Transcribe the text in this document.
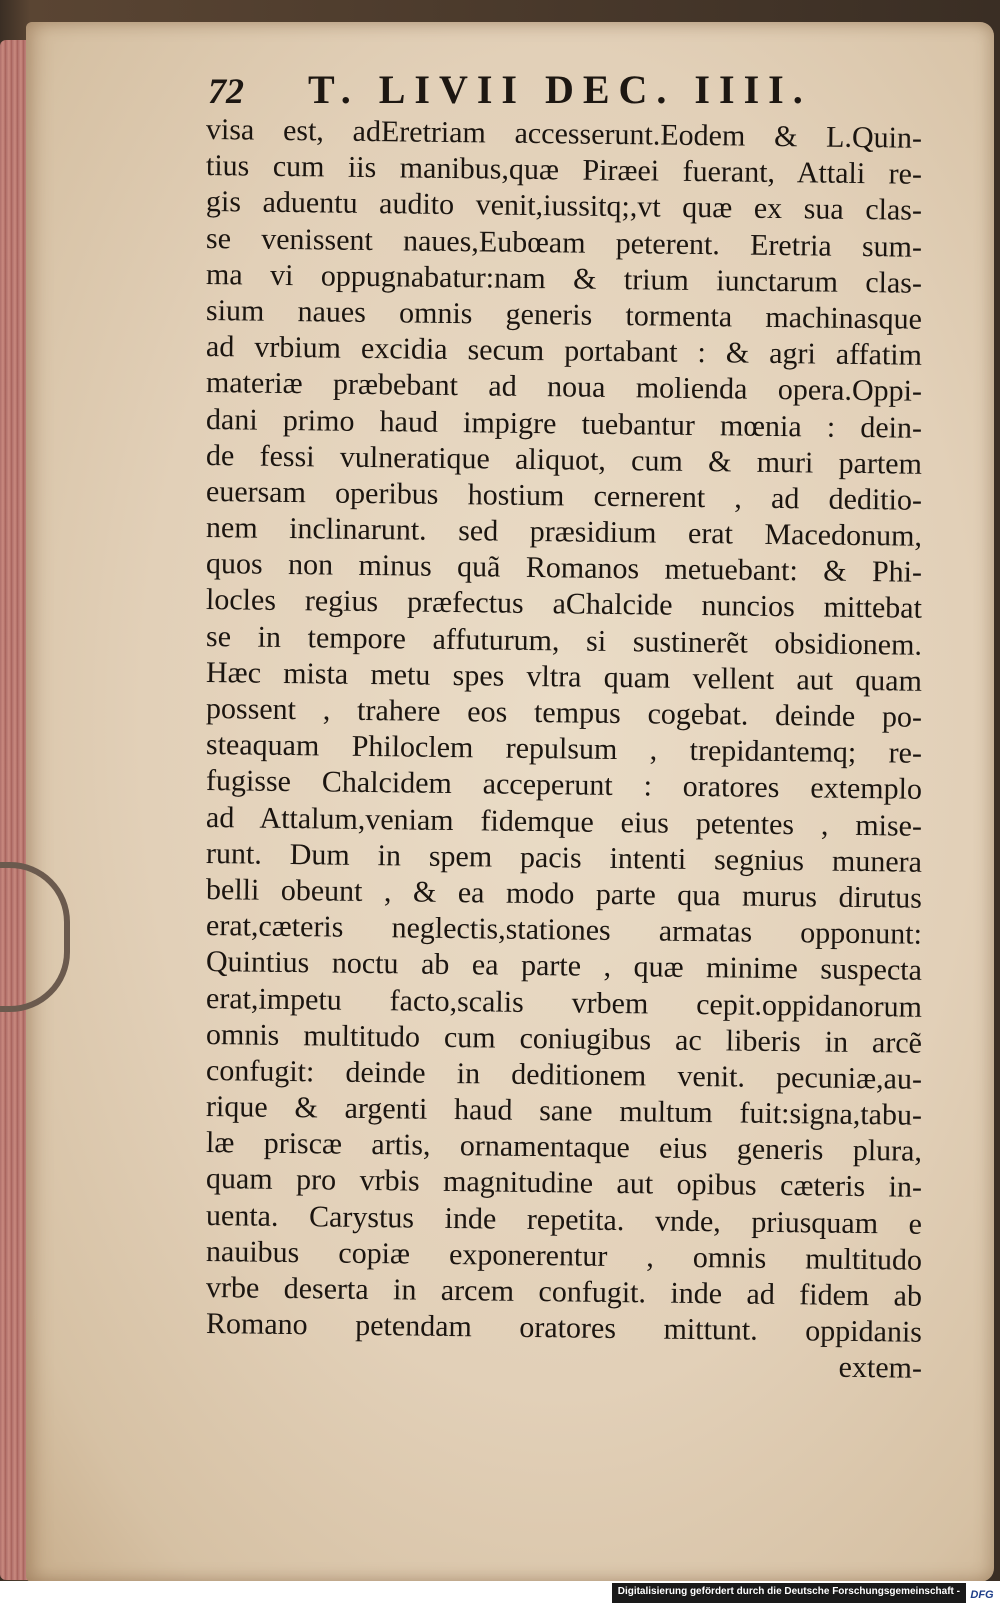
72 T. LIVII DEC. IIII.
visa est, adEretriam accesserunt.Eodem & L.Quin-
tius cum iis manibus,quæ Piræei fuerant, Attali re-
gis aduentu audito venit,iussitq;,vt quæ ex sua clas-
se venissent naues,Eubœam peterent. Eretria sum-
ma vi oppugnabatur:nam & trium iunctarum clas-
sium naues omnis generis tormenta machinasque
ad vrbium excidia secum portabant : & agri affatim
materiæ præbebant ad noua molienda opera.Oppi-
dani primo haud impigre tuebantur mœnia : dein-
de fessi vulneratique aliquot, cum & muri partem
euersam operibus hostium cernerent , ad deditio-
nem inclinarunt. sed præsidium erat Macedonum,
quos non minus quã Romanos metuebant: & Phi-
locles regius præfectus aChalcide nuncios mittebat
se in tempore affuturum, si sustinerẽt obsidionem.
Hæc mista metu spes vltra quam vellent aut quam
possent , trahere eos tempus cogebat. deinde po-
steaquam Philoclem repulsum , trepidantemq; re-
fugisse Chalcidem acceperunt : oratores extemplo
ad Attalum,veniam fidemque eius petentes , mise-
runt. Dum in spem pacis intenti segnius munera
belli obeunt , & ea modo parte qua murus dirutus
erat,cæteris neglectis,stationes armatas opponunt:
Quintius noctu ab ea parte , quæ minime suspecta
erat,impetu facto,scalis vrbem cepit.oppidanorum
omnis multitudo cum coniugibus ac liberis in arcẽ
confugit: deinde in deditionem venit. pecuniæ,au-
rique & argenti haud sane multum fuit:signa,tabu-
læ priscæ artis, ornamentaque eius generis plura,
quam pro vrbis magnitudine aut opibus cæteris in-
uenta. Carystus inde repetita. vnde, priusquam e
nauibus copiæ exponerentur , omnis multitudo
vrbe deserta in arcem confugit. inde ad fidem ab
Romano petendam oratores mittunt. oppidanis
extem-
Digitalisierung gefördert durch die Deutsche Forschungsgemeinschaft - DFG
